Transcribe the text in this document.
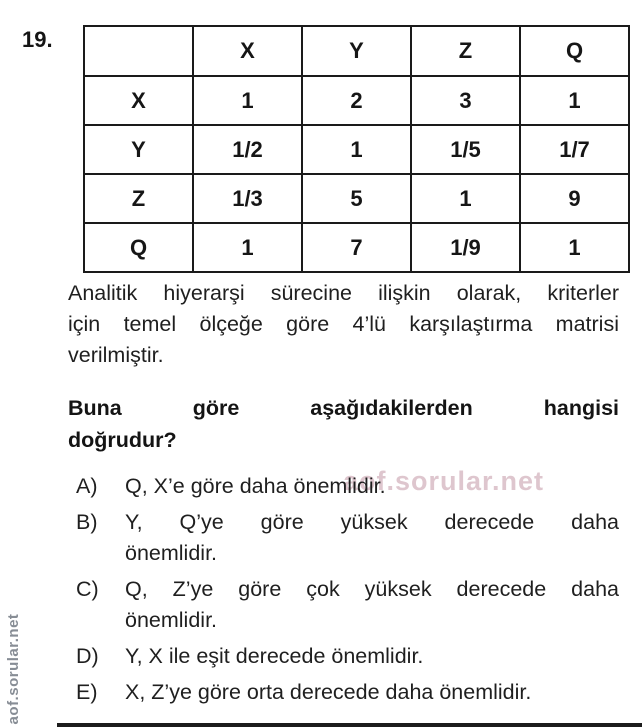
19.
		X	Y	Z	Q
X	1	2	3	1
Y	1/2	1	1/5	1/7
Z	1/3	5	1	9
Q	1	7	1/9	1
Analitik hiyerarşi sürecine ilişkin olarak, kriterler
için temel ölçeğe göre 4’lü karşılaştırma matrisi
verilmiştir.
Buna göre aşağıdakilerden hangisi
doğrudur?
A)	Q, X’e göre daha önemlidir.
B)	Y, Q’ye göre yüksek derecede daha
önemlidir.
C)	Q, Z’ye göre çok yüksek derecede daha
önemlidir.
D)	Y, X ile eşit derecede önemlidir.
E)	X, Z’ye göre orta derecede daha önemlidir.
aof.sorular.net
aof.sorular.net
